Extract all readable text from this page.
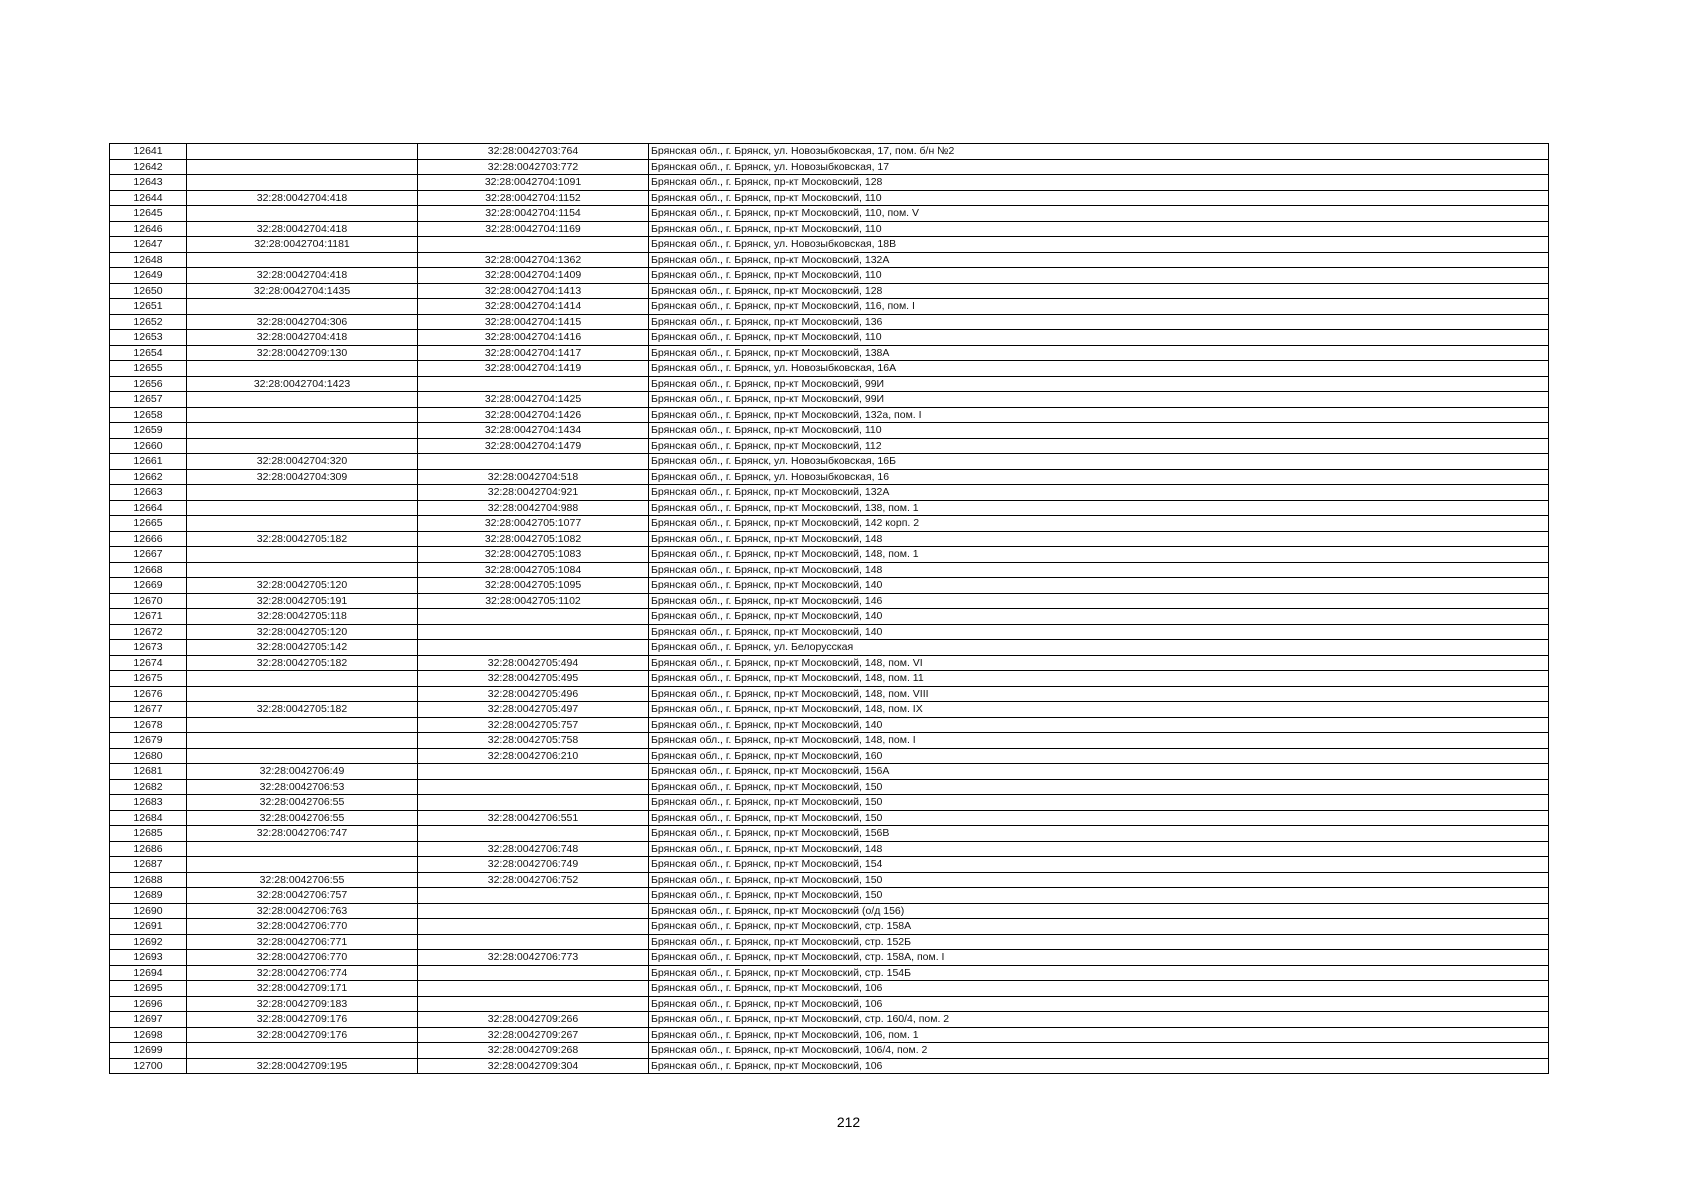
12641		32:28:0042703:764	Брянская обл., г. Брянск, ул. Новозыбковская, 17, пом. б/н №2
12642		32:28:0042703:772	Брянская обл., г. Брянск, ул. Новозыбковская, 17
12643		32:28:0042704:1091	Брянская обл., г. Брянск, пр-кт Московский, 128
12644	32:28:0042704:418	32:28:0042704:1152	Брянская обл., г. Брянск, пр-кт Московский, 110
12645		32:28:0042704:1154	Брянская обл., г. Брянск, пр-кт Московский, 110, пом. V
12646	32:28:0042704:418	32:28:0042704:1169	Брянская обл., г. Брянск, пр-кт Московский, 110
12647	32:28:0042704:1181		Брянская обл., г. Брянск, ул. Новозыбковская, 18В
12648		32:28:0042704:1362	Брянская обл., г. Брянск, пр-кт Московский, 132А
12649	32:28:0042704:418	32:28:0042704:1409	Брянская обл., г. Брянск, пр-кт Московский, 110
12650	32:28:0042704:1435	32:28:0042704:1413	Брянская обл., г. Брянск, пр-кт Московский, 128
12651		32:28:0042704:1414	Брянская обл., г. Брянск, пр-кт Московский, 116, пом. I
12652	32:28:0042704:306	32:28:0042704:1415	Брянская обл., г. Брянск, пр-кт Московский, 136
12653	32:28:0042704:418	32:28:0042704:1416	Брянская обл., г. Брянск, пр-кт Московский, 110
12654	32:28:0042709:130	32:28:0042704:1417	Брянская обл., г. Брянск, пр-кт Московский, 138А
12655		32:28:0042704:1419	Брянская обл., г. Брянск, ул. Новозыбковская, 16А
12656	32:28:0042704:1423		Брянская обл., г. Брянск, пр-кт Московский, 99И
12657		32:28:0042704:1425	Брянская обл., г. Брянск, пр-кт Московский, 99И
12658		32:28:0042704:1426	Брянская обл., г. Брянск, пр-кт Московский, 132а, пом. I
12659		32:28:0042704:1434	Брянская обл., г. Брянск, пр-кт Московский, 110
12660		32:28:0042704:1479	Брянская обл., г. Брянск, пр-кт Московский, 112
12661	32:28:0042704:320		Брянская обл., г. Брянск, ул. Новозыбковская, 16Б
12662	32:28:0042704:309	32:28:0042704:518	Брянская обл., г. Брянск, ул. Новозыбковская, 16
12663		32:28:0042704:921	Брянская обл., г. Брянск, пр-кт Московский, 132А
12664		32:28:0042704:988	Брянская обл., г. Брянск, пр-кт Московский, 138, пом. 1
12665		32:28:0042705:1077	Брянская обл., г. Брянск, пр-кт Московский, 142 корп. 2
12666	32:28:0042705:182	32:28:0042705:1082	Брянская обл., г. Брянск, пр-кт Московский, 148
12667		32:28:0042705:1083	Брянская обл., г. Брянск, пр-кт Московский, 148, пом. 1
12668		32:28:0042705:1084	Брянская обл., г. Брянск, пр-кт Московский, 148
12669	32:28:0042705:120	32:28:0042705:1095	Брянская обл., г. Брянск, пр-кт Московский, 140
12670	32:28:0042705:191	32:28:0042705:1102	Брянская обл., г. Брянск, пр-кт Московский, 146
12671	32:28:0042705:118		Брянская обл., г. Брянск, пр-кт Московский, 140
12672	32:28:0042705:120		Брянская обл., г. Брянск, пр-кт Московский, 140
12673	32:28:0042705:142		Брянская обл., г. Брянск, ул. Белорусская
12674	32:28:0042705:182	32:28:0042705:494	Брянская обл., г. Брянск, пр-кт Московский, 148, пом. VI
12675		32:28:0042705:495	Брянская обл., г. Брянск, пр-кт Московский, 148, пом. 11
12676		32:28:0042705:496	Брянская обл., г. Брянск, пр-кт Московский, 148, пом. VIII
12677	32:28:0042705:182	32:28:0042705:497	Брянская обл., г. Брянск, пр-кт Московский, 148, пом. IX
12678		32:28:0042705:757	Брянская обл., г. Брянск, пр-кт Московский, 140
12679		32:28:0042705:758	Брянская обл., г. Брянск, пр-кт Московский, 148, пом. I
12680		32:28:0042706:210	Брянская обл., г. Брянск, пр-кт Московский, 160
12681	32:28:0042706:49		Брянская обл., г. Брянск, пр-кт Московский, 156А
12682	32:28:0042706:53		Брянская обл., г. Брянск, пр-кт Московский, 150
12683	32:28:0042706:55		Брянская обл., г. Брянск, пр-кт Московский, 150
12684	32:28:0042706:55	32:28:0042706:551	Брянская обл., г. Брянск, пр-кт Московский, 150
12685	32:28:0042706:747		Брянская обл., г. Брянск, пр-кт Московский, 156В
12686		32:28:0042706:748	Брянская обл., г. Брянск, пр-кт Московский, 148
12687		32:28:0042706:749	Брянская обл., г. Брянск, пр-кт Московский, 154
12688	32:28:0042706:55	32:28:0042706:752	Брянская обл., г. Брянск, пр-кт Московский, 150
12689	32:28:0042706:757		Брянская обл., г. Брянск, пр-кт Московский, 150
12690	32:28:0042706:763		Брянская обл., г. Брянск, пр-кт Московский (о/д 156)
12691	32:28:0042706:770		Брянская обл., г. Брянск, пр-кт Московский, стр. 158А
12692	32:28:0042706:771		Брянская обл., г. Брянск, пр-кт Московский, стр. 152Б
12693	32:28:0042706:770	32:28:0042706:773	Брянская обл., г. Брянск, пр-кт Московский, стр. 158А, пом. I
12694	32:28:0042706:774		Брянская обл., г. Брянск, пр-кт Московский, стр. 154Б
12695	32:28:0042709:171		Брянская обл., г. Брянск, пр-кт Московский, 106
12696	32:28:0042709:183		Брянская обл., г. Брянск, пр-кт Московский, 106
12697	32:28:0042709:176	32:28:0042709:266	Брянская обл., г. Брянск, пр-кт Московский, стр. 160/4, пом. 2
12698	32:28:0042709:176	32:28:0042709:267	Брянская обл., г. Брянск, пр-кт Московский, 106, пом. 1
12699		32:28:0042709:268	Брянская обл., г. Брянск, пр-кт Московский, 106/4, пом. 2
12700	32:28:0042709:195	32:28:0042709:304	Брянская обл., г. Брянск, пр-кт Московский, 106
212
